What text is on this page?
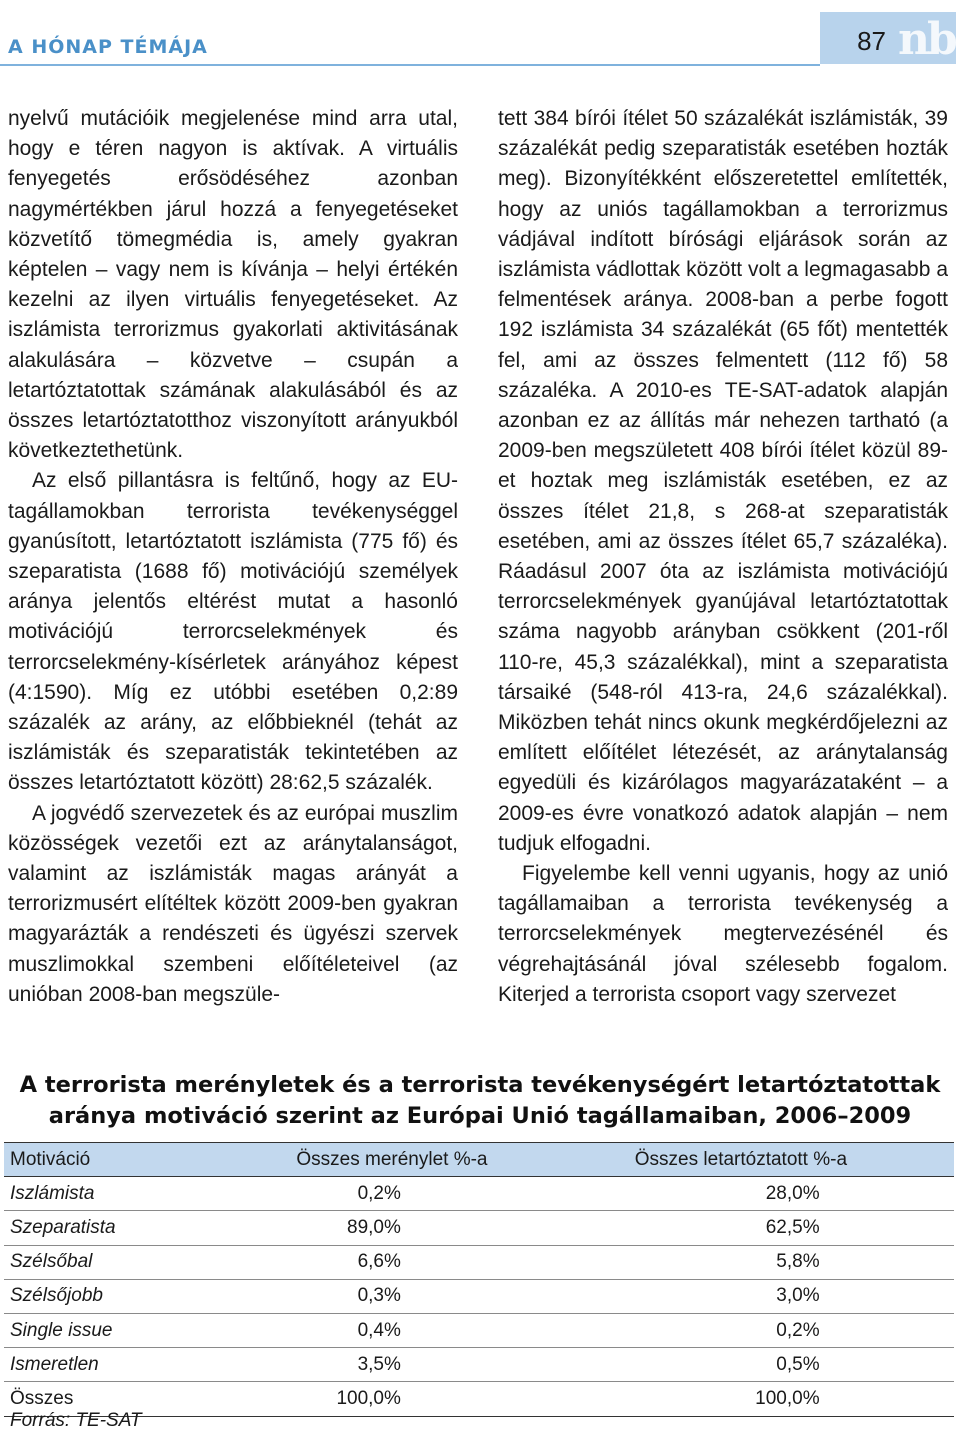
A HÓNAP TÉMÁJA	87 nb

nyelvű mutációik megjelenése mind arra utal, hogy e téren nagyon is aktívak. A virtuális fenyegetés erősödéséhez azonban nagymértékben járul hozzá a fenyegetéseket közvetítő tömegmédia is, amely gyakran képtelen – vagy nem is kívánja – helyi értékén kezelni az ilyen virtuális fenyegetéseket. Az iszlámista terrorizmus gyakorlati aktivitásának alakulására – közvetve – csupán a letartóztatottak számának alakulásából és az összes letartóztatotthoz viszonyított arányukból következtethetünk.

Az első pillantásra is feltűnő, hogy az EU-tagállamokban terrorista tevékenységgel gyanúsított, letartóztatott iszlámista (775 fő) és szeparatista (1688 fő) motivációjú személyek aránya jelentős eltérést mutat a hasonló motivációjú terrorcselekmények és terrorcselekmény-kísérletek arányához képest (4:1590). Míg ez utóbbi esetében 0,2:89 százalék az arány, az előbbieknél (tehát az iszlámisták és szeparatisták tekintetében az összes letartóztatott között) 28:62,5 százalék.

A jogvédő szervezetek és az európai muszlim közösségek vezetői ezt az aránytalanságot, valamint az iszlámisták magas arányát a terrorizmusért elítéltek között 2009-ben gyakran magyarázták a rendészeti és ügyészi szervek muszlimokkal szembeni előítéleteivel (az unióban 2008-ban megszüle-

tett 384 bírói ítélet 50 százalékát iszlámisták, 39 százalékát pedig szeparatisták esetében hozták meg). Bizonyítékként előszeretettel említették, hogy az uniós tagállamokban a terrorizmus vádjával indított bírósági eljárások során az iszlámista vádlottak között volt a legmagasabb a felmentések aránya. 2008-ban a perbe fogott 192 iszlámista 34 százalékát (65 főt) mentették fel, ami az összes felmentett (112 fő) 58 százaléka. A 2010-es TE-SAT-adatok alapján azonban ez az állítás már nehezen tartható (a 2009-ben megszületett 408 bírói ítélet közül 89-et hoztak meg iszlámisták esetében, ez az összes ítélet 21,8, s 268-at szeparatisták esetében, ami az összes ítélet 65,7 százaléka). Ráadásul 2007 óta az iszlámista motivációjú terrorcselekmények gyanújával letartóztatottak száma nagyobb arányban csökkent (201-ről 110-re, 45,3 százalékkal), mint a szeparatista társaiké (548-ról 413-ra, 24,6 százalékkal). Miközben tehát nincs okunk megkérdőjelezni az említett előítélet létezését, az aránytalanság egyedüli és kizárólagos magyarázataként – a 2009-es évre vonatkozó adatok alapján – nem tudjuk elfogadni.

Figyelembe kell venni ugyanis, hogy az unió tagállamaiban a terrorista tevékenység a terrorcselekmények megtervezésénél és végrehajtásánál jóval szélesebb fogalom. Kiterjed a terrorista csoport vagy szervezet

A terrorista merényletek és a terrorista tevékenységért letartóztatottak
aránya motiváció szerint az Európai Unió tagállamaiban, 2006–2009
Motiváció	Összes merénylet %-a		Összes letartóztatott %-a	
Iszlámista	0,2%		28,0%	
Szeparatista	89,0%		62,5%	
Szélsőbal	6,6%		5,8%	
Szélsőjobb	0,3%		3,0%	
Single issue	0,4%		0,2%	
Ismeretlen	3,5%		0,5%	
Összes	100,0%		100,0%	
Forrás: TE-SAT
